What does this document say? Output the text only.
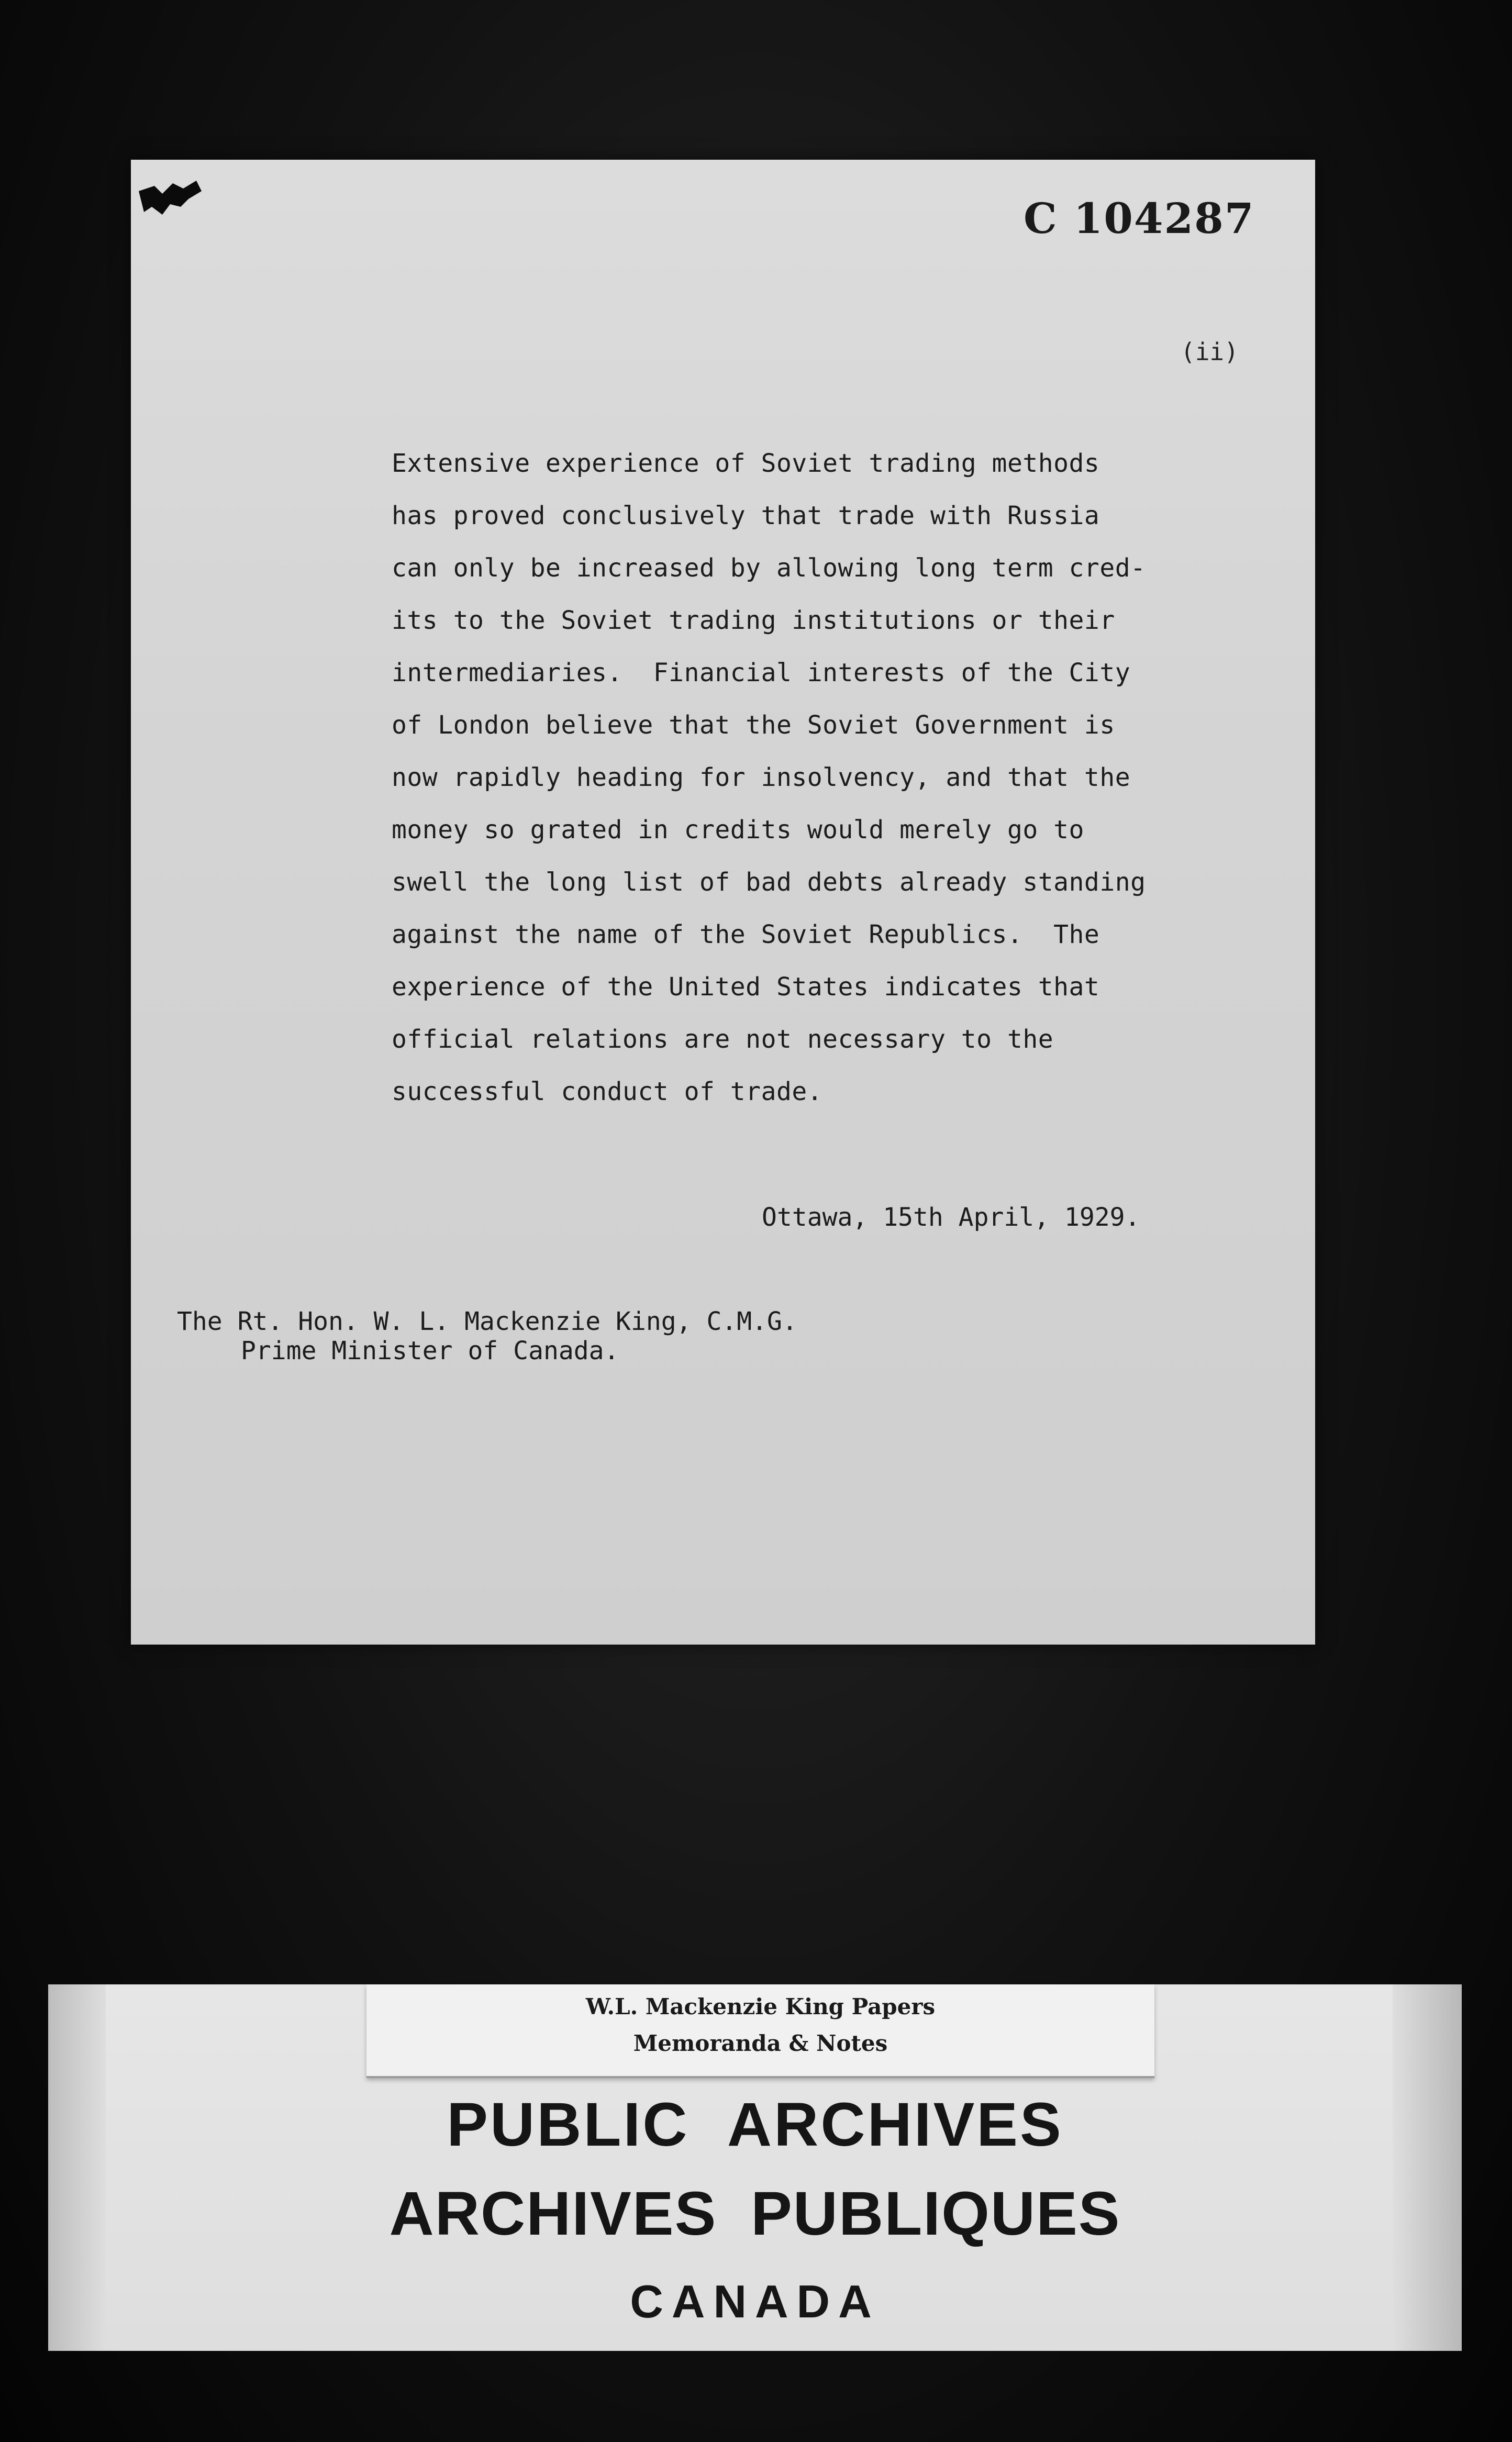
C 104287
(ii)
Extensive experience of Soviet trading methods
has proved conclusively that trade with Russia
can only be increased by allowing long term cred-
its to the Soviet trading institutions or their
intermediaries.  Financial interests of the City
of London believe that the Soviet Government is
now rapidly heading for insolvency, and that the
money so grated in credits would merely go to
swell the long list of bad debts already standing
against the name of the Soviet Republics.  The
experience of the United States indicates that
official relations are not necessary to the
successful conduct of trade.
Ottawa, 15th April, 1929.
The Rt. Hon. W. L. Mackenzie King, C.M.G.
Prime Minister of Canada.
W.L. Mackenzie King Papers
Memoranda & Notes
PUBLIC ARCHIVES
ARCHIVES PUBLIQUES
CANADA
